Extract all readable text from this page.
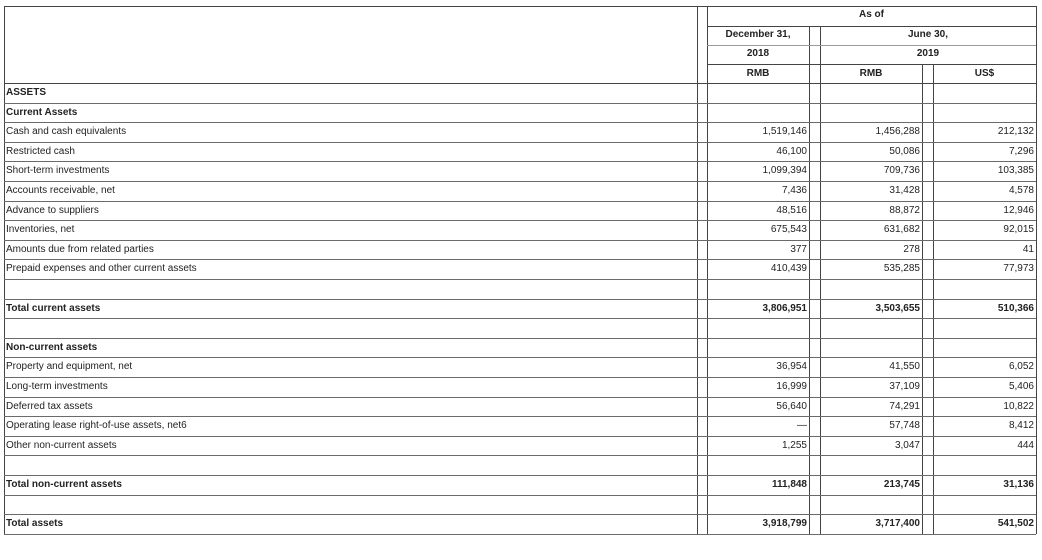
As of
December 31,
2018
June 30,
2019
RMB	RMB	US$
ASSETS
Current Assets
Cash and cash equivalents	1,519,146	1,456,288	212,132
Restricted cash	46,100	50,086	7,296
Short-term investments	1,099,394	709,736	103,385
Accounts receivable, net	7,436	31,428	4,578
Advance to suppliers	48,516	88,872	12,946
Inventories, net	675,543	631,682	92,015
Amounts due from related parties	377	278	41
Prepaid expenses and other current assets	410,439	535,285	77,973
Total current assets	3,806,951	3,503,655	510,366
Non-current assets
Property and equipment, net	36,954	41,550	6,052
Long-term investments	16,999	37,109	5,406
Deferred tax assets	56,640	74,291	10,822
Operating lease right-of-use assets, net6	—	57,748	8,412
Other non-current assets	1,255	3,047	444
Total non-current assets	111,848	213,745	31,136
Total assets	3,918,799	3,717,400	541,502
